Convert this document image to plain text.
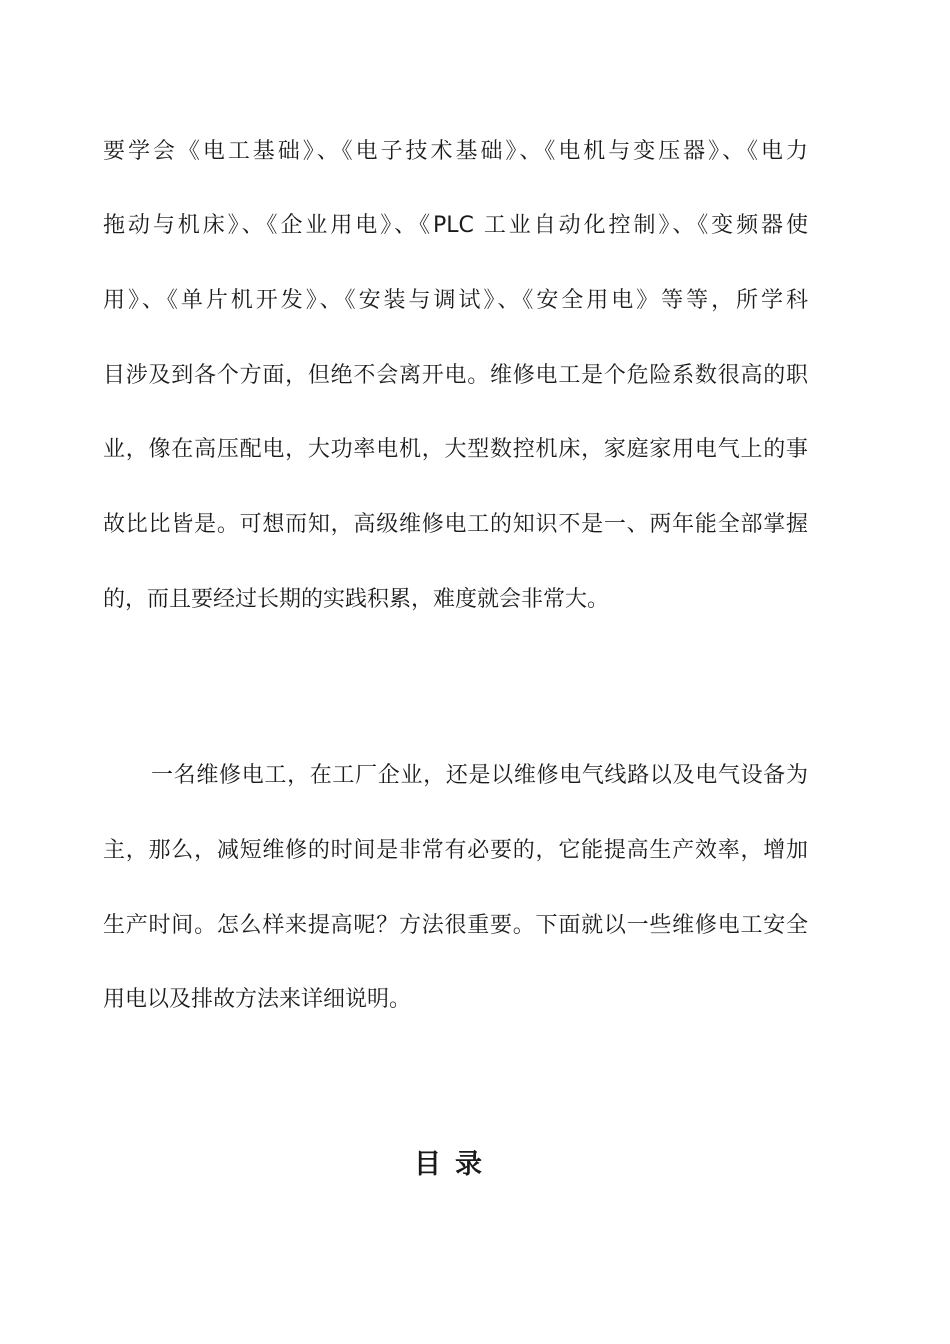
要学会《电工基础》、《电子技术基础》、《电机与变压器》、《电力
拖动与机床》、《企业用电》、《PLC 工业自动化控制》、《变频器使
用》、《单片机开发》、《安装与调试》、《安全用电》等等，所学科
目涉及到各个方面，但绝不会离开电。维修电工是个危险系数很高的职
业，像在高压配电，大功率电机，大型数控机床，家庭家用电气上的事
故比比皆是。可想而知，高级维修电工的知识不是一、两年能全部掌握
的，而且要经过长期的实践积累，难度就会非常大。
一名维修电工，在工厂企业，还是以维修电气线路以及电气设备为
主，那么，减短维修的时间是非常有必要的，它能提高生产效率，增加
生产时间。怎么样来提高呢？方法很重要。下面就以一些维修电工安全
用电以及排故方法来详细说明。
目录
